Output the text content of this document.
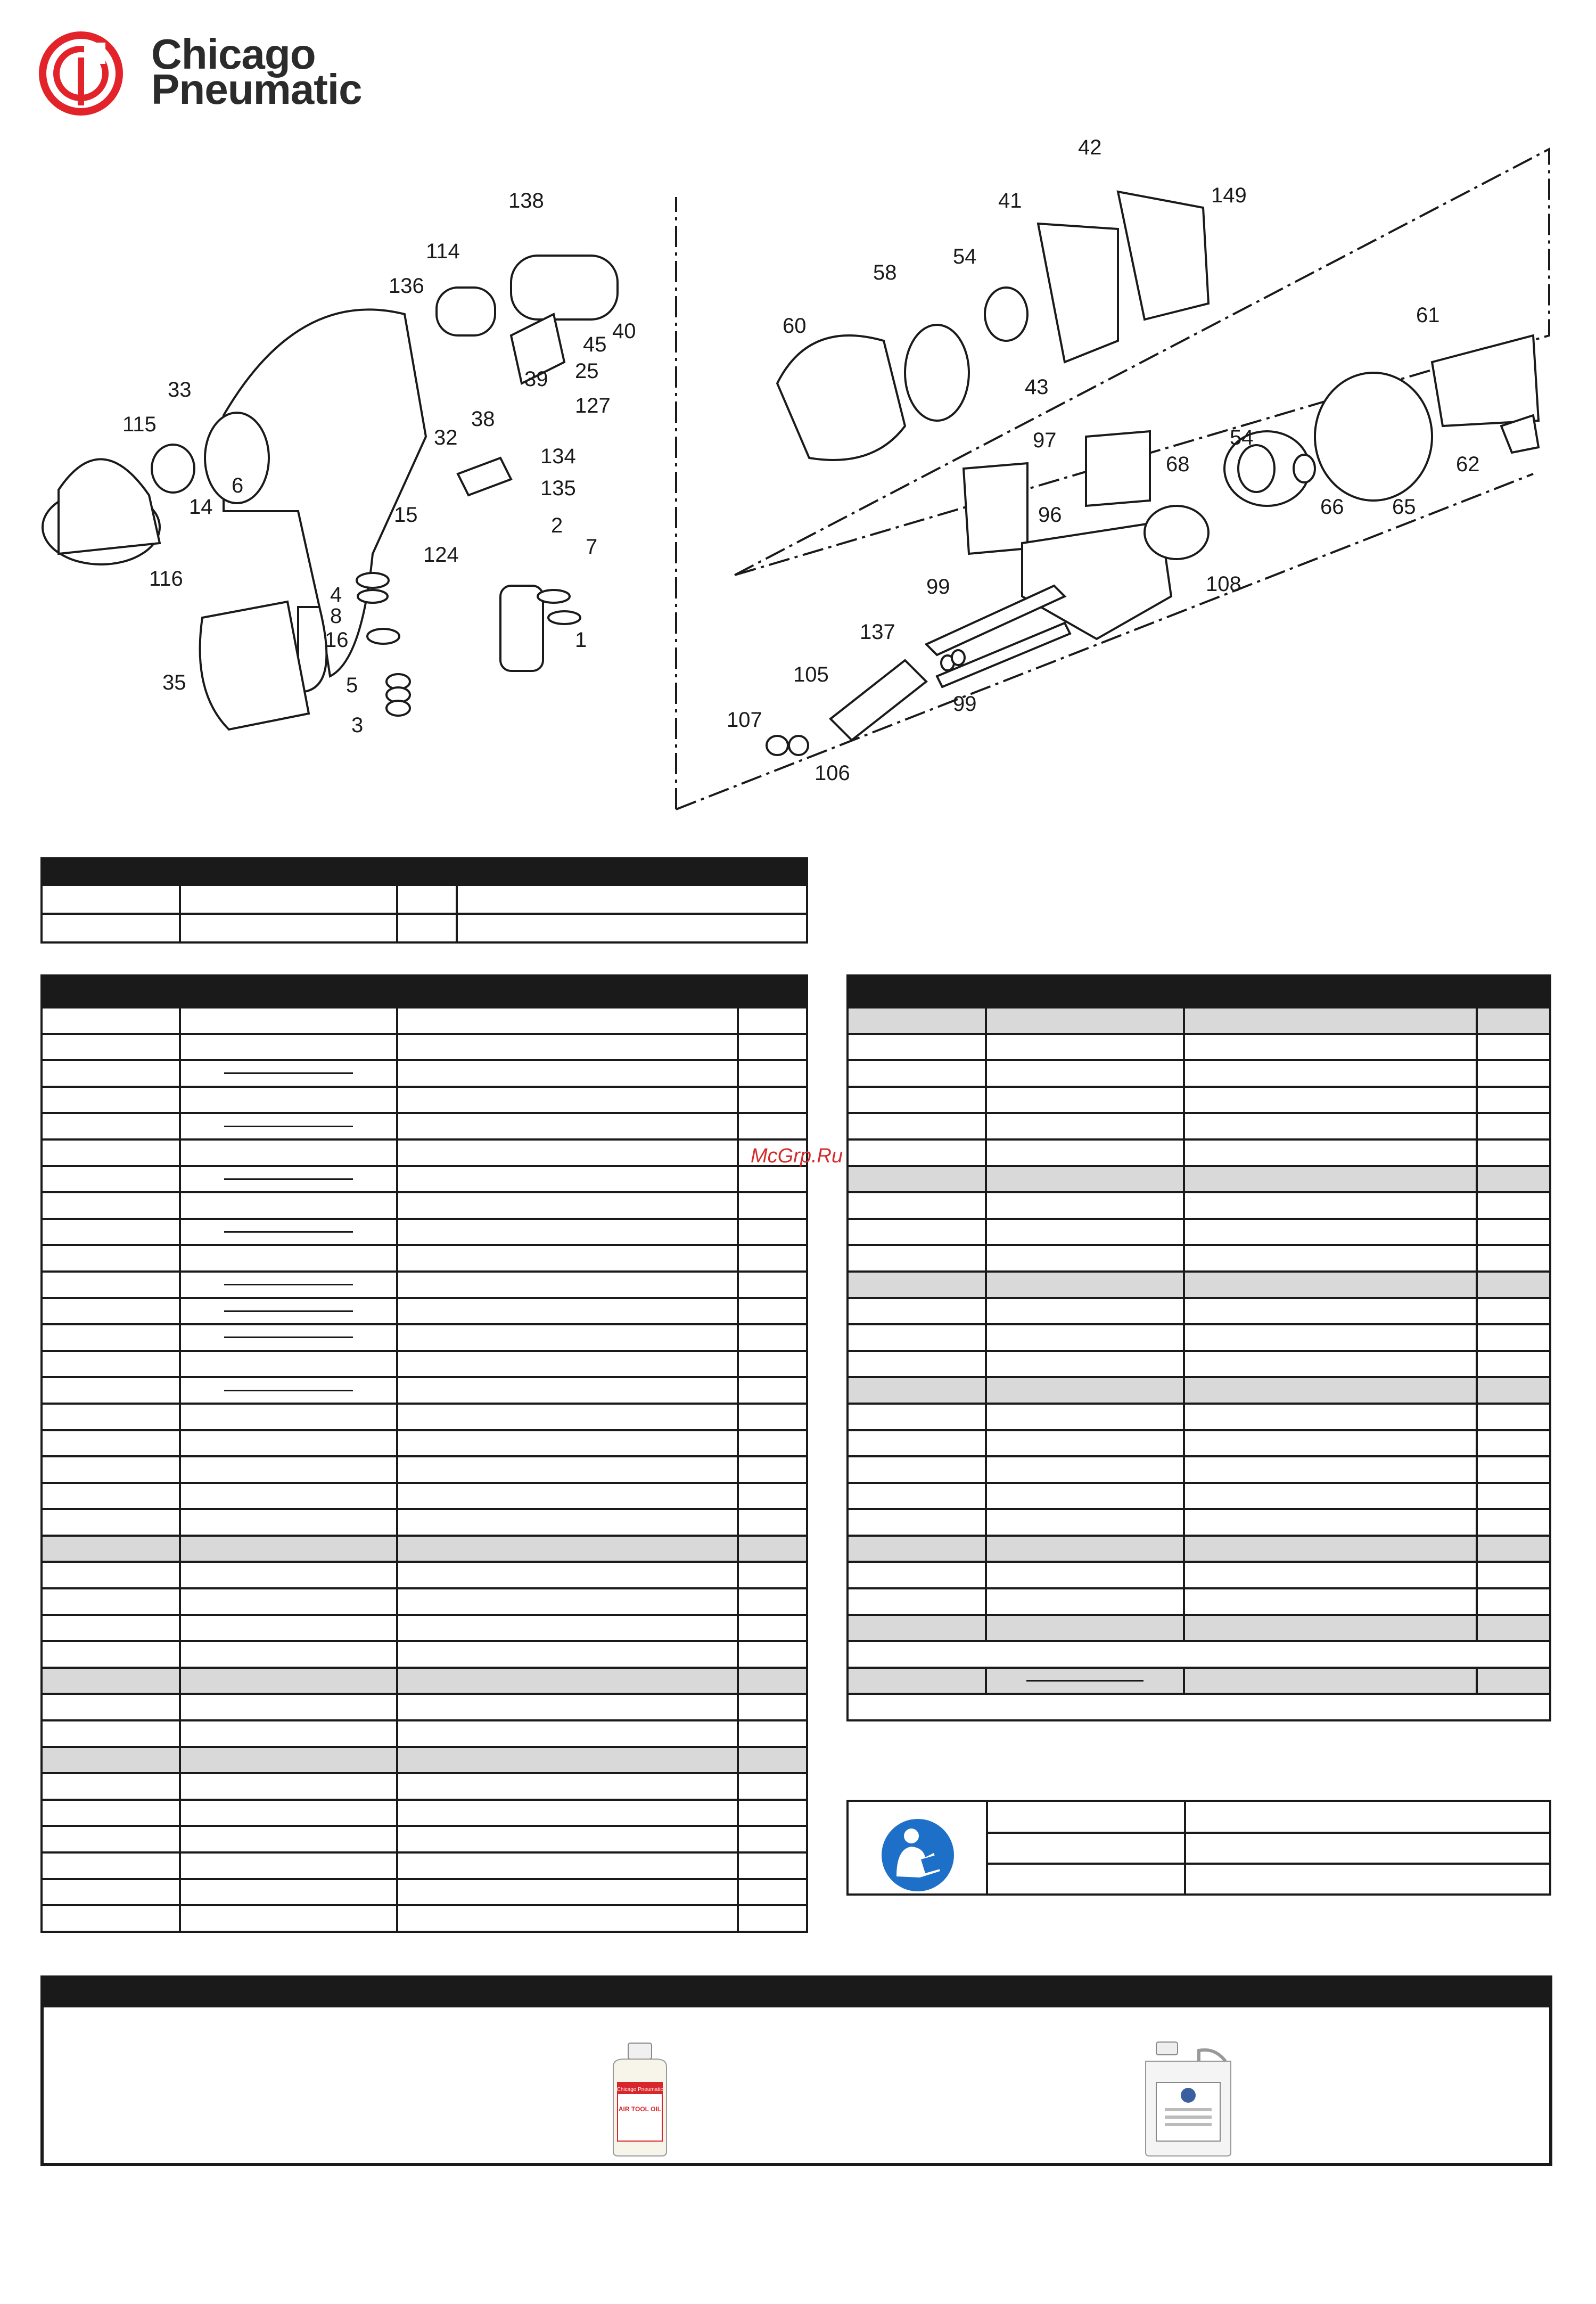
Chicago
Pneumatic
138
114
136
33
115
6
14
116
35
4
8
16
5
3
124
15
32
39
38
25
127
45
40
134
135
2
7
1
42
149
41
58
54
60
43
61
62
97
96
99
137
105
107
106
68
54
66 65
108
99

McGrp.Ru
Chicago Pneumatic
AIR TOOL OIL
